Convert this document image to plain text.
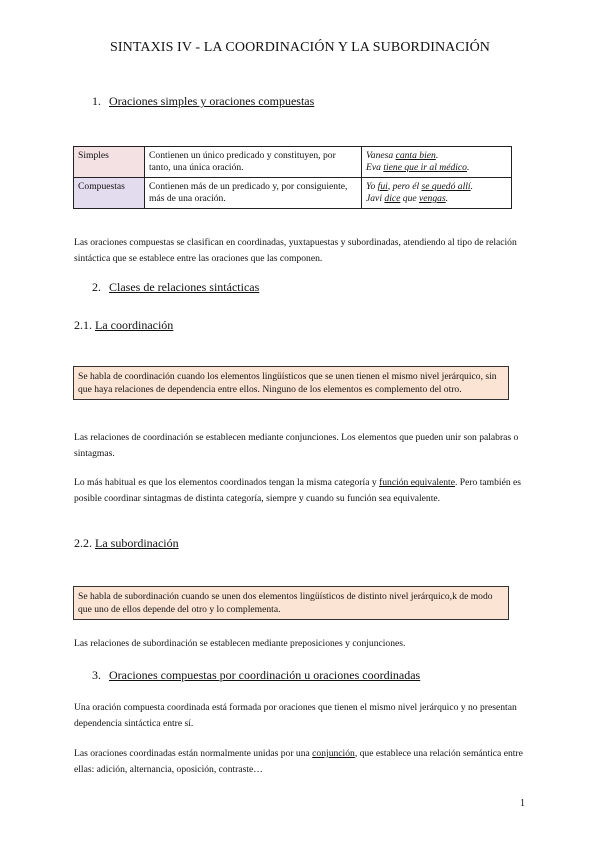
SINTAXIS IV - LA COORDINACIÓN Y LA SUBORDINACIÓN
1. Oraciones simples y oraciones compuestas
Simples	Contienen un único predicado y constituyen, por tanto, una única oración.	Vanesa canta bien.
Eva tiene que ir al médico.

Compuestas	Contienen más de un predicado y, por consiguiente, más de una oración.	Yo fui, pero él se quedó allí.
Javi dice que vengas.
Las oraciones compuestas se clasifican en coordinadas, yuxtapuestas y subordinadas, atendiendo al tipo de relación sintáctica que se establece entre las oraciones que las componen.
2. Clases de relaciones sintácticas
2.1. La coordinación
Se habla de coordinación cuando los elementos lingüísticos que se unen tienen el mismo nivel jerárquico, sin que haya relaciones de dependencia entre ellos. Ninguno de los elementos es complemento del otro.
Las relaciones de coordinación se establecen mediante conjunciones. Los elementos que pueden unir son palabras o sintagmas.
Lo más habitual es que los elementos coordinados tengan la misma categoría y función equivalente. Pero también es posible coordinar sintagmas de distinta categoría, siempre y cuando su función sea equivalente.
2.2. La subordinación
Se habla de subordinación cuando se unen dos elementos lingüísticos de distinto nivel jerárquico,k de modo que uno de ellos depende del otro y lo complementa.
Las relaciones de subordinación se establecen mediante preposiciones y conjunciones.
3. Oraciones compuestas por coordinación u oraciones coordinadas
Una oración compuesta coordinada está formada por oraciones que tienen el mismo nivel jerárquico y no presentan dependencia sintáctica entre sí.
Las oraciones coordinadas están normalmente unidas por una conjunción, que establece una relación semántica entre ellas: adición, alternancia, oposición, contraste…
1
